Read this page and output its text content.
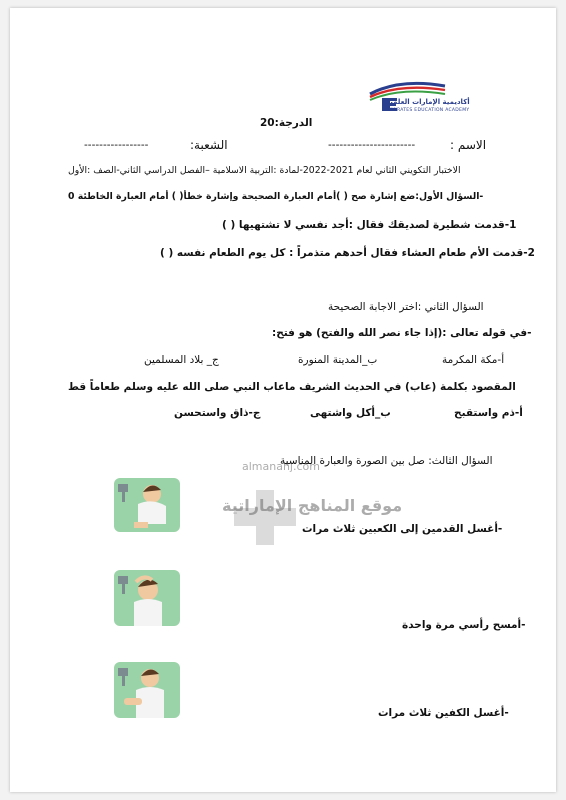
أكاديمية الإمارات العلمية
EMIRATES EDUCATION ACADEMY
الدرجة:20
الاسم :
-----------------------
الشعبة:
-----------------
الاختبار التكويني الثاني لعام 2021-2022-لمادة :التربية الاسلامية –الفصل الدراسي الثاني-الصف :الأول
-السؤال الأول:ضع إشارة صح ( )أمام العبارة الصحيحة وإشارة خطأ( ) أمام العبارة الخاطئة 0
1-قدمت شطيرة لصديقك فقال :أجد نفسي لا تشتهيها ( )
2-قدمت الأم طعام العشاء فقال أحدهم متذمراً : كل يوم الطعام نفسه ( )
السؤال الثاني :اختر الاجابة الصحيحة
-في قوله تعالى :(إذا جاء نصر الله والفتح) هو فتح:
أ-مكة المكرمة
ب_المدينة المنورة
ج_ بلاد المسلمين
المقصود بكلمة (عاب) في الحديث الشريف ماعاب النبي صلى الله عليه وسلم طعاماً قط
أ-ذم واستقبح
ب_أكل واشتهى
ج-ذاق واستحسن
السؤال الثالث: صل بين الصورة والعبارة المناسبة
almanahj.com
موقع المناهج الإماراتية
-أغسل القدمين إلى الكعبين ثلاث مرات
-أمسح رأسي مرة واحدة
-أغسل الكفين ثلاث مرات
